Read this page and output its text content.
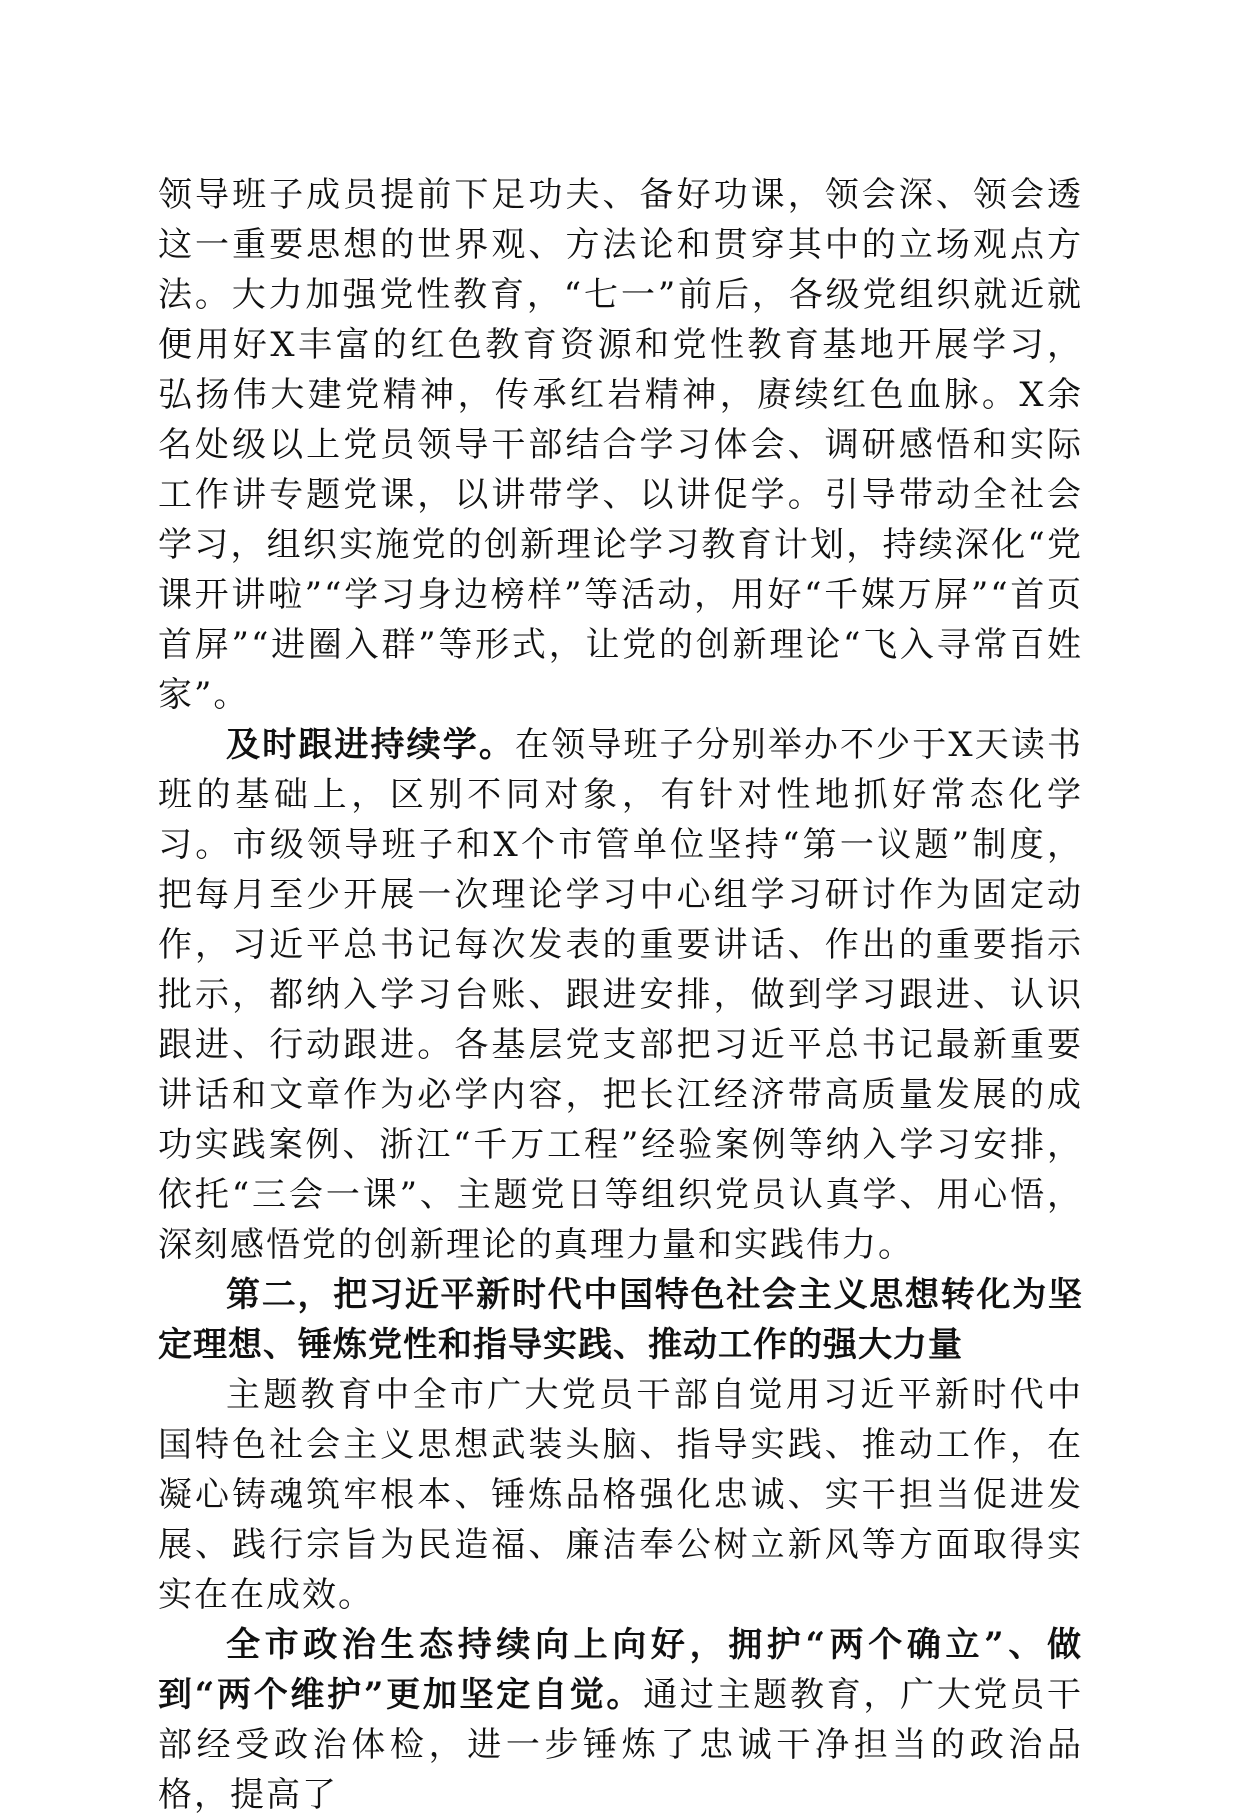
领导班子成员提前下足功夫、备好功课，领会深、领会透这一重要思想的世界观、方法论和贯穿其中的立场观点方法。大力加强党性教育，“七一”前后，各级党组织就近就便用好X丰富的红色教育资源和党性教育基地开展学习，弘扬伟大建党精神，传承红岩精神，赓续红色血脉。X余名处级以上党员领导干部结合学习体会、调研感悟和实际工作讲专题党课，以讲带学、以讲促学。引导带动全社会学习，组织实施党的创新理论学习教育计划，持续深化“党课开讲啦”“学习身边榜样”等活动，用好“千媒万屏”“首页首屏”“进圈入群”等形式，让党的创新理论“飞入寻常百姓家”。

及时跟进持续学。在领导班子分别举办不少于X天读书班的基础上，区别不同对象，有针对性地抓好常态化学习。市级领导班子和X个市管单位坚持“第一议题”制度，把每月至少开展一次理论学习中心组学习研讨作为固定动作，习近平总书记每次发表的重要讲话、作出的重要指示批示，都纳入学习台账、跟进安排，做到学习跟进、认识跟进、行动跟进。各基层党支部把习近平总书记最新重要讲话和文章作为必学内容，把长江经济带高质量发展的成功实践案例、浙江“千万工程”经验案例等纳入学习安排，依托“三会一课”、主题党日等组织党员认真学、用心悟，深刻感悟党的创新理论的真理力量和实践伟力。

第二，把习近平新时代中国特色社会主义思想转化为坚定理想、锤炼党性和指导实践、推动工作的强大力量

主题教育中全市广大党员干部自觉用习近平新时代中国特色社会主义思想武装头脑、指导实践、推动工作，在凝心铸魂筑牢根本、锤炼品格强化忠诚、实干担当促进发展、践行宗旨为民造福、廉洁奉公树立新风等方面取得实实在在成效。

全市政治生态持续向上向好，拥护“两个确立”、做到“两个维护”更加坚定自觉。通过主题教育，广大党员干部经受政治体检，进一步锤炼了忠诚干净担当的政治品格，提高了
